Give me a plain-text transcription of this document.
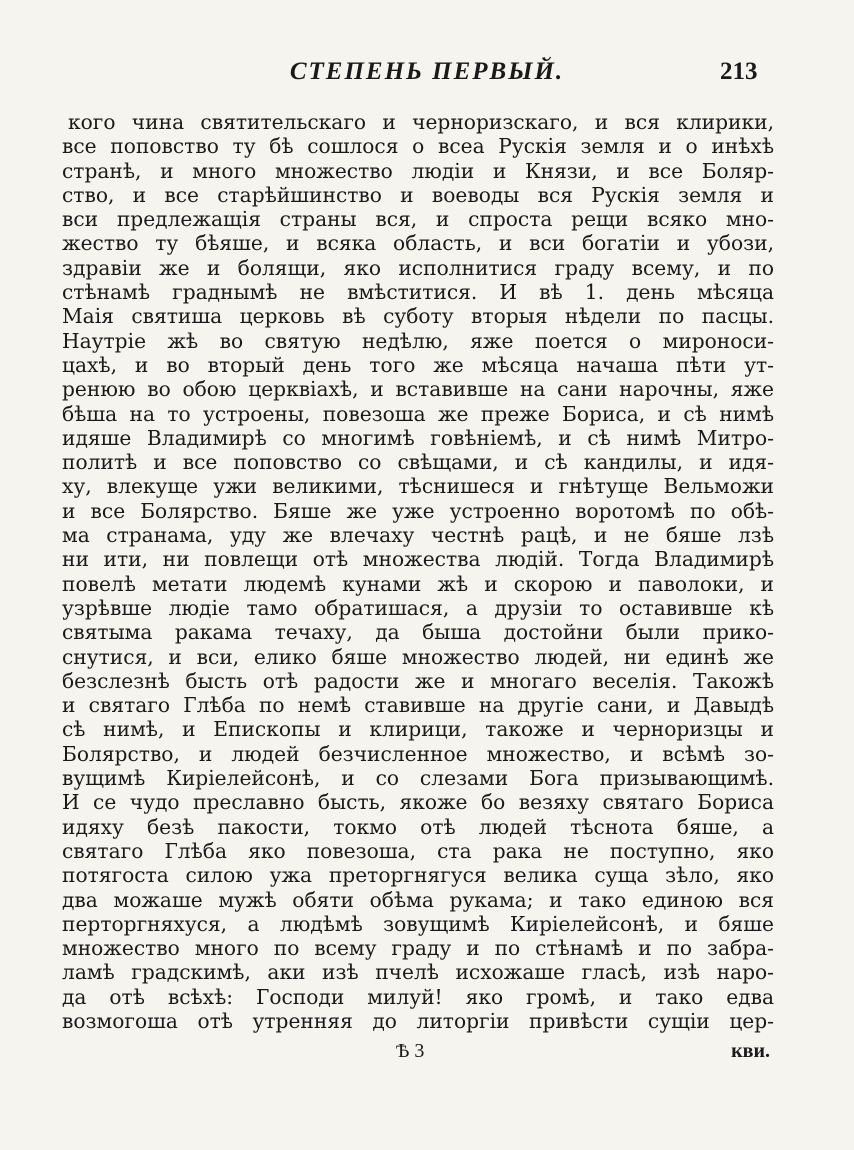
СТЕПЕНЬ ПЕРВЫЙ.	213
кого чина святительскаго и черноризскаго, и вся клирики,
все поповство ту бѣ сошлося о всеа Рускiя земля и о инѣхѣ
странѣ, и много множество людiи и Князи, и все Боляр-
ство, и все старѣйшинство и воеводы вся Рускiя земля и
вси предлежащiя страны вся, и спроста рещи всяко мно-
жество ту бѣяше, и всяка область, и вси богатiи и убози,
здравiи же и болящи, яко исполнитися граду всему, и по
стѣнамѣ граднымѣ не вмѣститися. И вѣ 1. день мѣсяца
Маiя святиша церковь вѣ суботу вторыя нѣдели по пасцы.
Наутрiе жѣ во святую недѣлю, яже поется о мироноси-
цахѣ, и во вторый день того же мѣсяца начаша пѣти ут-
ренюю во обою церквiахѣ, и вставивше на сани нарочны, яже
бѣша на то устроены, повезоша же преже Бориса, и сѣ нимѣ
идяше Владимирѣ со многимѣ говѣнiемѣ, и сѣ нимѣ Митро-
политѣ и все поповство со свѣщами, и сѣ кандилы, и идя-
ху, влекуще ужи великими, тѣснишеся и гнѣтуще Вельможи
и все Болярство. Бяше же уже устроенно воротомѣ по обѣ-
ма странама, уду же влечаху честнѣ рацѣ, и не бяше лзѣ
ни ити, ни повлещи отѣ множества людiй. Тогда Владимирѣ
повелѣ метати людемѣ кунами жѣ и скорою и паволоки, и
узрѣвше людiе тамо обратишася, а друзiи то оставивше кѣ
святыма ракама течаху, да быша достойни были прико-
снутися, и вси, елико бяше множество людей, ни единѣ же
безслезнѣ бысть отѣ радости же и многаго веселiя. Такожѣ
и святаго Глѣба по немѣ ставивше на другiе сани, и Давыдѣ
сѣ нимѣ, и Епископы и клирици, такоже и черноризцы и
Болярство, и людей безчисленное множество, и всѣмѣ зо-
вущимѣ Кирiелейсонѣ, и со слезами Бога призывающимѣ.
И се чудо преславно бысть, якоже бо везяху святаго Бориса
идяху безѣ пакости, токмо отѣ людей тѣснота бяше, а
святаго Глѣба яко повезоша, ста рака не поступно, яко
потягоста силою ужа преторгнягуся велика суща зѣло, яко
два можаше мужѣ обяти обѣма рукама; и тако единою вся
перторгняхуся, а людѣмѣ зовущимѣ Кирiелейсонѣ, и бяше
множество много по всему граду и по стѣнамѣ и по забра-
ламѣ градскимѣ, аки изѣ пчелѣ исхожаше гласѣ, изѣ наро-
да отѣ всѣхѣ: Господи милуй! яко громѣ, и тако едва
возмогоша отѣ утренняя до литоргiи привѣсти сущiи цер-
Ѣ 3	кви.
